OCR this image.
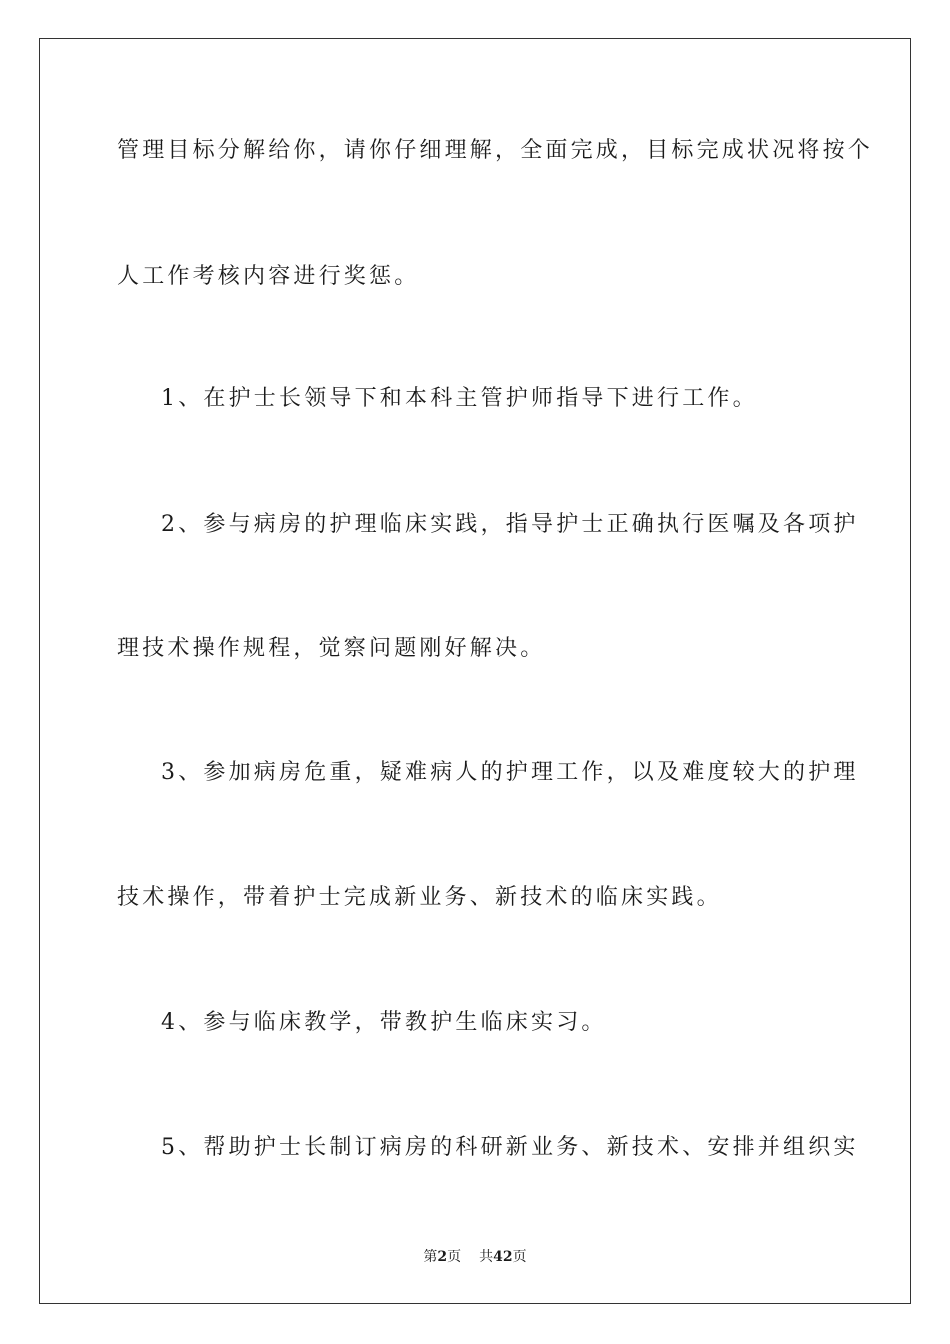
管理目标分解给你，请你仔细理解，全面完成，目标完成状况将按个
人工作考核内容进行奖惩。
1、在护士长领导下和本科主管护师指导下进行工作。
2、参与病房的护理临床实践，指导护士正确执行医嘱及各项护
理技术操作规程，觉察问题刚好解决。
3、参加病房危重，疑难病人的护理工作，以及难度较大的护理
技术操作，带着护士完成新业务、新技术的临床实践。
4、参与临床教学，带教护生临床实习。
5、帮助护士长制订病房的科研新业务、新技术、安排并组织实
第2页 共42页
